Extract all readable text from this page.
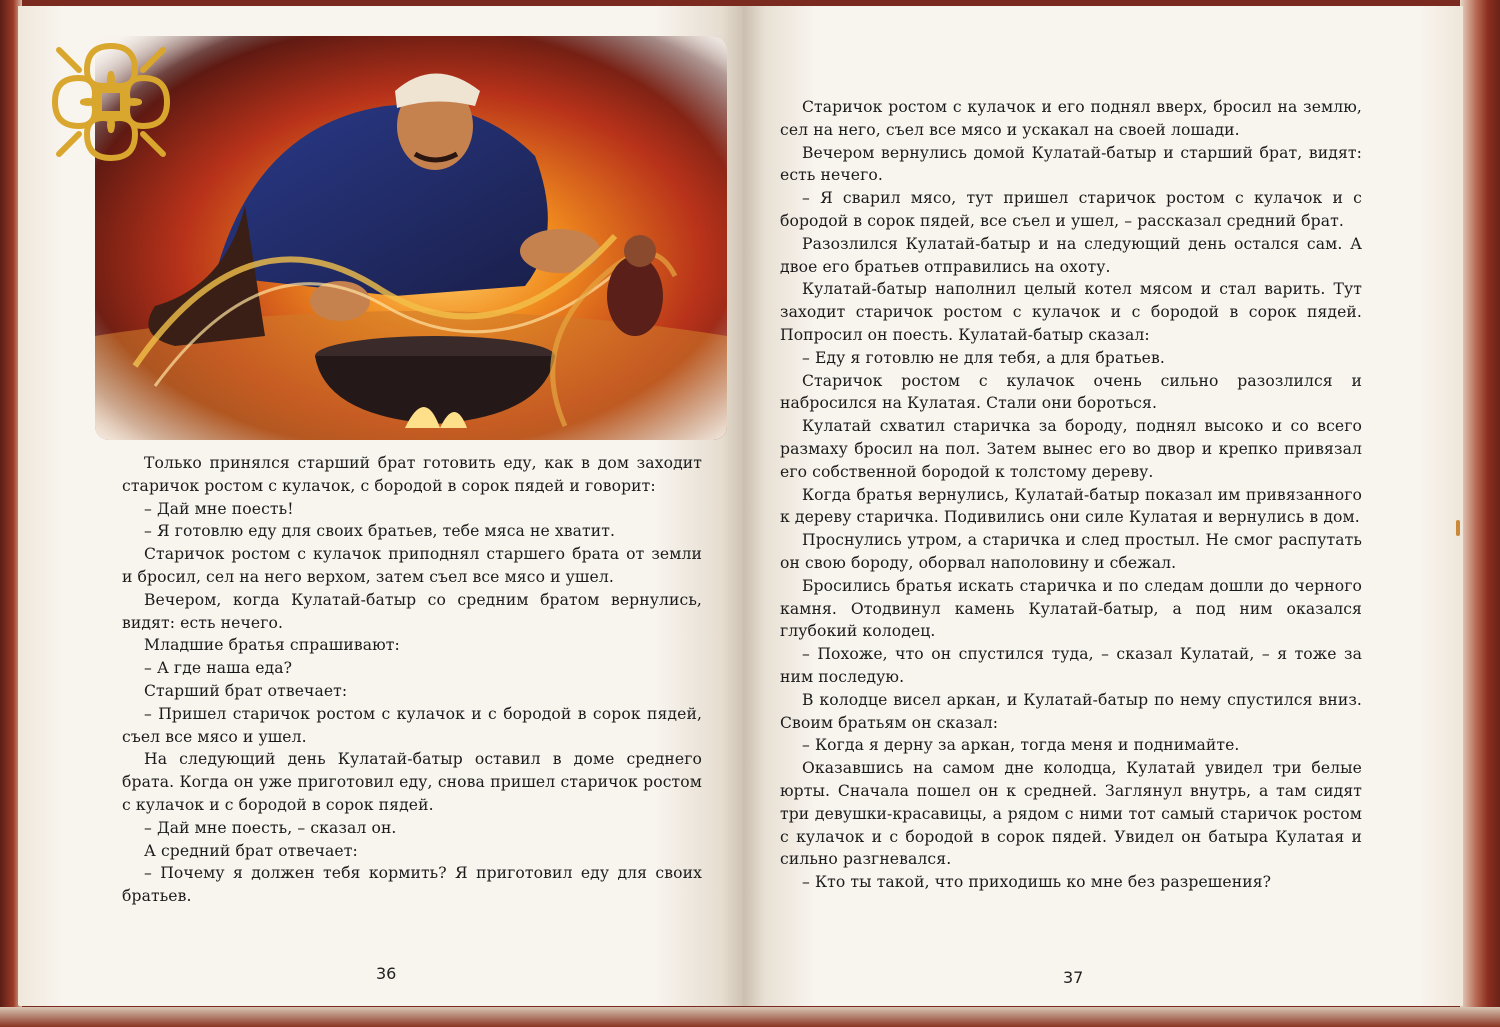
Только принялся старший брат готовить еду, как в дом заходит старичок ростом с кулачок, с бородой в сорок пядей и говорит:

– Дай мне поесть!

– Я готовлю еду для своих братьев, тебе мяса не хватит.

Старичок ростом с кулачок приподнял старшего брата от земли и бросил, сел на него верхом, затем съел все мясо и ушел.

Вечером, когда Кулатай-батыр со средним братом вернулись, видят: есть нечего.

Младшие братья спрашивают:

– А где наша еда?

Старший брат отвечает:

– Пришел старичок ростом с кулачок и с бородой в сорок пядей, съел все мясо и ушел.

На следующий день Кулатай-батыр оставил в доме среднего брата. Когда он уже приготовил еду, снова пришел старичок ростом с кулачок и с бородой в сорок пядей.

– Дай мне поесть, – сказал он.

А средний брат отвечает:

– Почему я должен тебя кормить? Я приготовил еду для своих братьев.

36

Старичок ростом с кулачок и его поднял вверх, бросил на землю, сел на него, съел все мясо и ускакал на своей лошади.

Вечером вернулись домой Кулатай-батыр и старший брат, видят: есть нечего.

– Я сварил мясо, тут пришел старичок ростом с кулачок и с бородой в сорок пядей, все съел и ушел, – рассказал средний брат.

Разозлился Кулатай-батыр и на следующий день остался сам. А двое его братьев отправились на охоту.

Кулатай-батыр наполнил целый котел мясом и стал варить. Тут заходит старичок ростом с кулачок и с бородой в сорок пядей. Попросил он поесть. Кулатай-батыр сказал:

– Еду я готовлю не для тебя, а для братьев.

Старичок ростом с кулачок очень сильно разозлился и набросился на Кулатая. Стали они бороться.

Кулатай схватил старичка за бороду, поднял высоко и со всего размаху бросил на пол. Затем вынес его во двор и крепко привязал его собственной бородой к толстому дереву.

Когда братья вернулись, Кулатай-батыр показал им привязанного к дереву старичка. Подивились они силе Кулатая и вернулись в дом.

Проснулись утром, а старичка и след простыл. Не смог распутать он свою бороду, оборвал наполовину и сбежал.

Бросились братья искать старичка и по следам дошли до черного камня. Отодвинул камень Кулатай-батыр, а под ним оказался глубокий колодец.

– Похоже, что он спустился туда, – сказал Кулатай, – я тоже за ним последую.

В колодце висел аркан, и Кулатай-батыр по нему спустился вниз. Своим братьям он сказал:

– Когда я дерну за аркан, тогда меня и поднимайте.

Оказавшись на самом дне колодца, Кулатай увидел три белые юрты. Сначала пошел он к средней. Заглянул внутрь, а там сидят три девушки-красавицы, а рядом с ними тот самый старичок ростом с кулачок и с бородой в сорок пядей. Увидел он батыра Кулатая и сильно разгневался.

– Кто ты такой, что приходишь ко мне без разрешения?

37
